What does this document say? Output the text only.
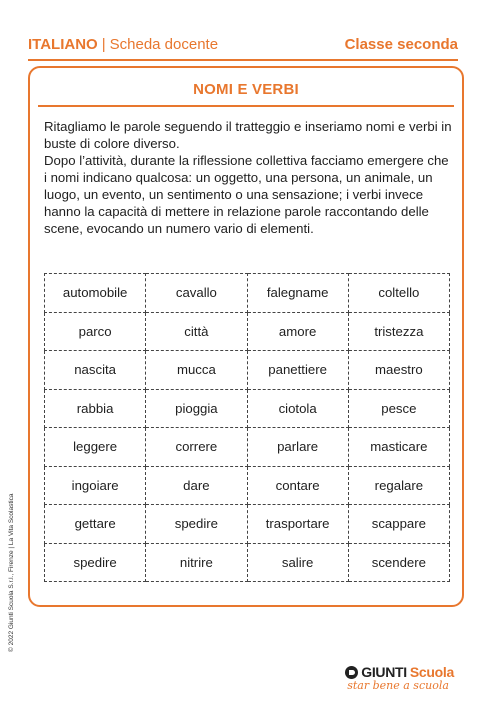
ITALIANO | Scheda docente	Classe seconda
NOMI E VERBI

Ritagliamo le parole seguendo il tratteggio e inseriamo nomi e verbi in buste di colore diverso.

Dopo l’attività, durante la riflessione collettiva facciamo emergere che i nomi indicano qualcosa: un oggetto, una persona, un animale, un luogo, un evento, un sentimento o una sensazione; i verbi invece hanno la capacità di mettere in relazione parole raccontando delle scene, evocando un numero vario di elementi.

automobile	cavallo	falegname	coltello
parco	città	amore	tristezza
nascita	mucca	panettiere	maestro
rabbia	pioggia	ciotola	pesce
leggere	correre	parlare	masticare
ingoiare	dare	contare	regalare
gettare	spedire	trasportare	scappare
spedire	nitrire	salire	scendere
© 2022 Giunti Scuola S.r.l., Firenze | La Vita Scolastica
GIUNTI Scuola
star bene a scuola
